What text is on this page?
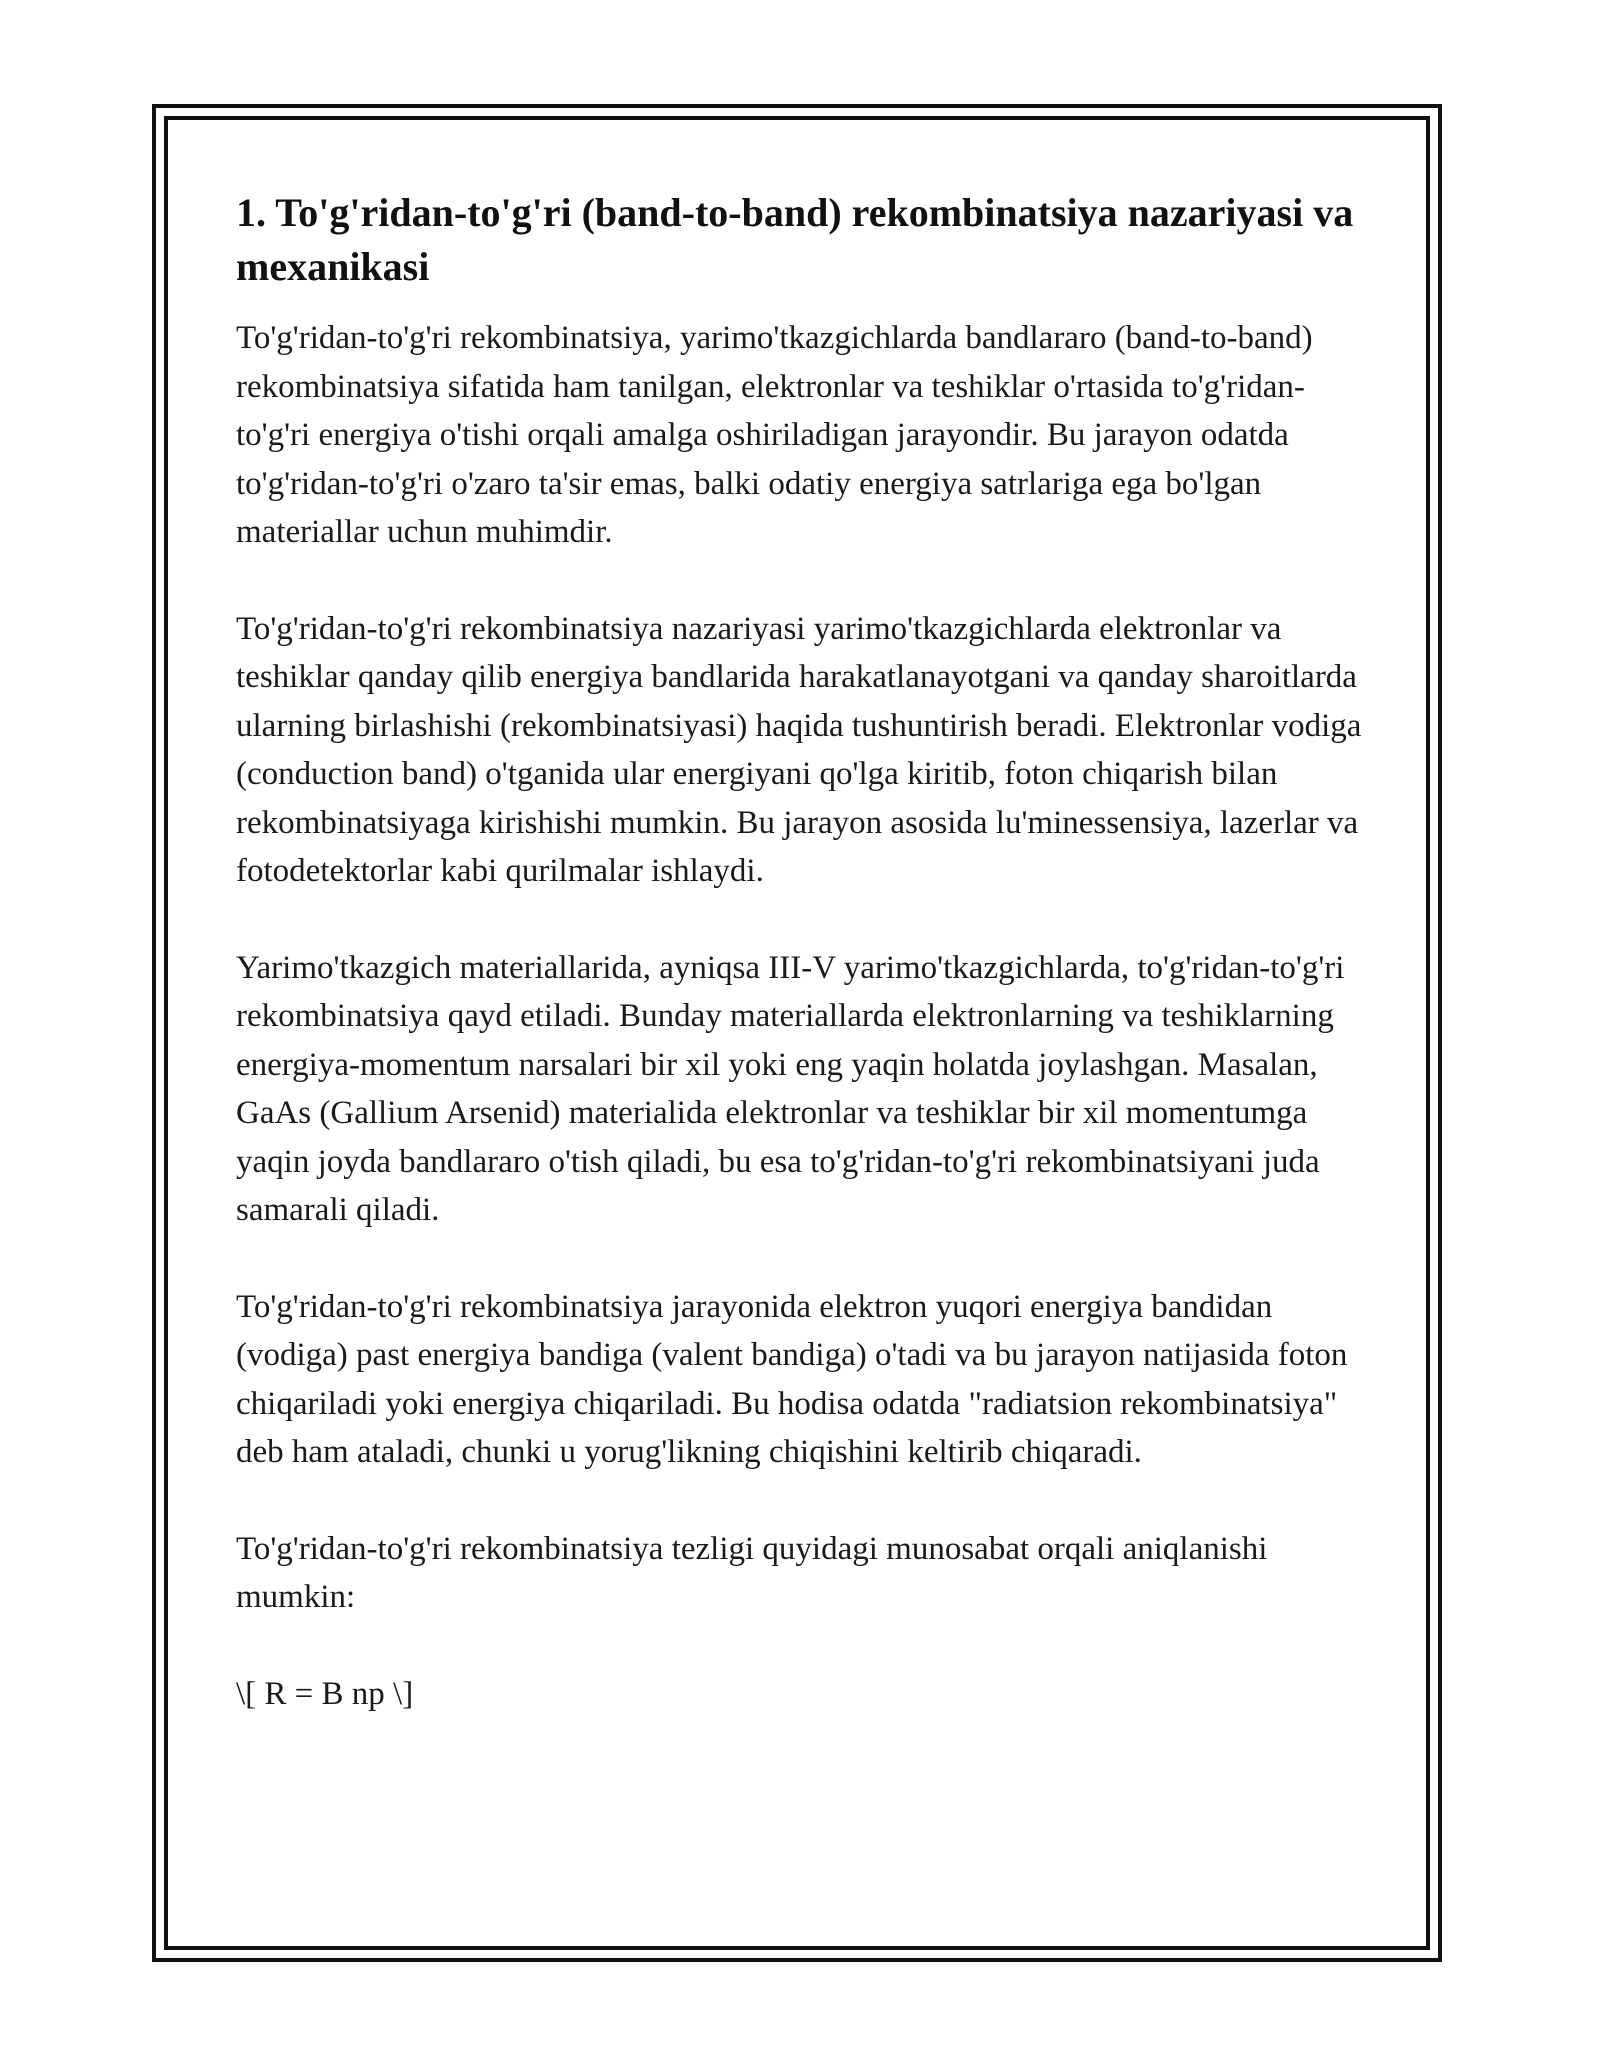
1. To'g'ridan-to'g'ri (band-to-band) rekombinatsiya nazariyasi va mexanikasi

To'g'ridan-to'g'ri rekombinatsiya, yarimo'tkazgichlarda bandlararo (band-to-band) rekombinatsiya sifatida ham tanilgan, elektronlar va teshiklar o'rtasida to'g'ridan-to'g'ri energiya o'tishi orqali amalga oshiriladigan jarayondir. Bu jarayon odatda to'g'ridan-to'g'ri o'zaro ta'sir emas, balki odatiy energiya satrlariga ega bo'lgan materiallar uchun muhimdir.

To'g'ridan-to'g'ri rekombinatsiya nazariyasi yarimo'tkazgichlarda elektronlar va teshiklar qanday qilib energiya bandlarida harakatlanayotgani va qanday sharoitlarda ularning birlashishi (rekombinatsiyasi) haqida tushuntirish beradi. Elektronlar vodiga (conduction band) o'tganida ular energiyani qo'lga kiritib, foton chiqarish bilan rekombinatsiyaga kirishishi mumkin. Bu jarayon asosida lu'minessensiya, lazerlar va fotodetektorlar kabi qurilmalar ishlaydi.

Yarimo'tkazgich materiallarida, ayniqsa III-V yarimo'tkazgichlarda, to'g'ridan-to'g'ri rekombinatsiya qayd etiladi. Bunday materiallarda elektronlarning va teshiklarning energiya-momentum narsalari bir xil yoki eng yaqin holatda joylashgan. Masalan, GaAs (Gallium Arsenid) materialida elektronlar va teshiklar bir xil momentumga yaqin joyda bandlararo o'tish qiladi, bu esa to'g'ridan-to'g'ri rekombinatsiyani juda samarali qiladi.

To'g'ridan-to'g'ri rekombinatsiya jarayonida elektron yuqori energiya bandidan (vodiga) past energiya bandiga (valent bandiga) o'tadi va bu jarayon natijasida foton chiqariladi yoki energiya chiqariladi. Bu hodisa odatda "radiatsion rekombinatsiya" deb ham ataladi, chunki u yorug'likning chiqishini keltirib chiqaradi.

To'g'ridan-to'g'ri rekombinatsiya tezligi quyidagi munosabat orqali aniqlanishi mumkin:

\[ R = B np \]
